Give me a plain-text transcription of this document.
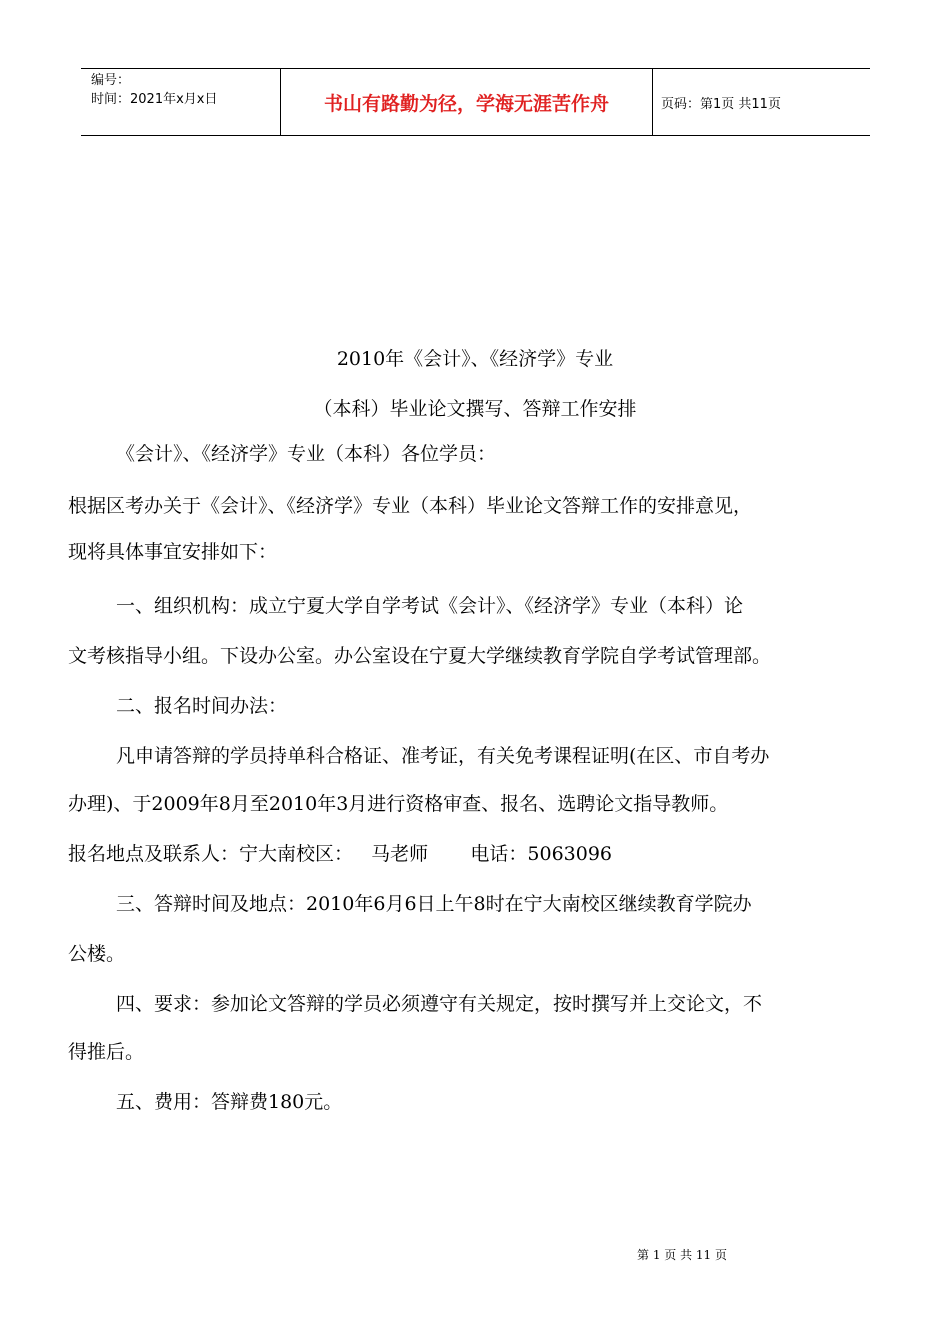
编号：
时间：2021年x月x日	书山有路勤为径，学海无涯苦作舟	页码：第1页 共11页
2010年《会计》、《经济学》专业
（本科）毕业论文撰写、答辩工作安排
《会计》、《经济学》专业（本科）各位学员：
根据区考办关于《会计》、《经济学》专业（本科）毕业论文答辩工作的安排意见，
现将具体事宜安排如下：
一、组织机构：成立宁夏大学自学考试《会计》、《经济学》专业（本科）论
文考核指导小组。下设办公室。办公室设在宁夏大学继续教育学院自学考试管理部。
二、报名时间办法：
凡申请答辩的学员持单科合格证、准考证，有关免考课程证明(在区、市自考办
办理)、于2009年8月至2010年3月进行资格审查、报名、选聘论文指导教师。
报名地点及联系人：宁大南校区：   马老师       电话：5063096
三、答辩时间及地点：2010年6月6日上午8时在宁大南校区继续教育学院办
公楼。
四、要求：参加论文答辩的学员必须遵守有关规定，按时撰写并上交论文，不
得推后。
五、费用：答辩费180元。
第 1 页 共 11 页
